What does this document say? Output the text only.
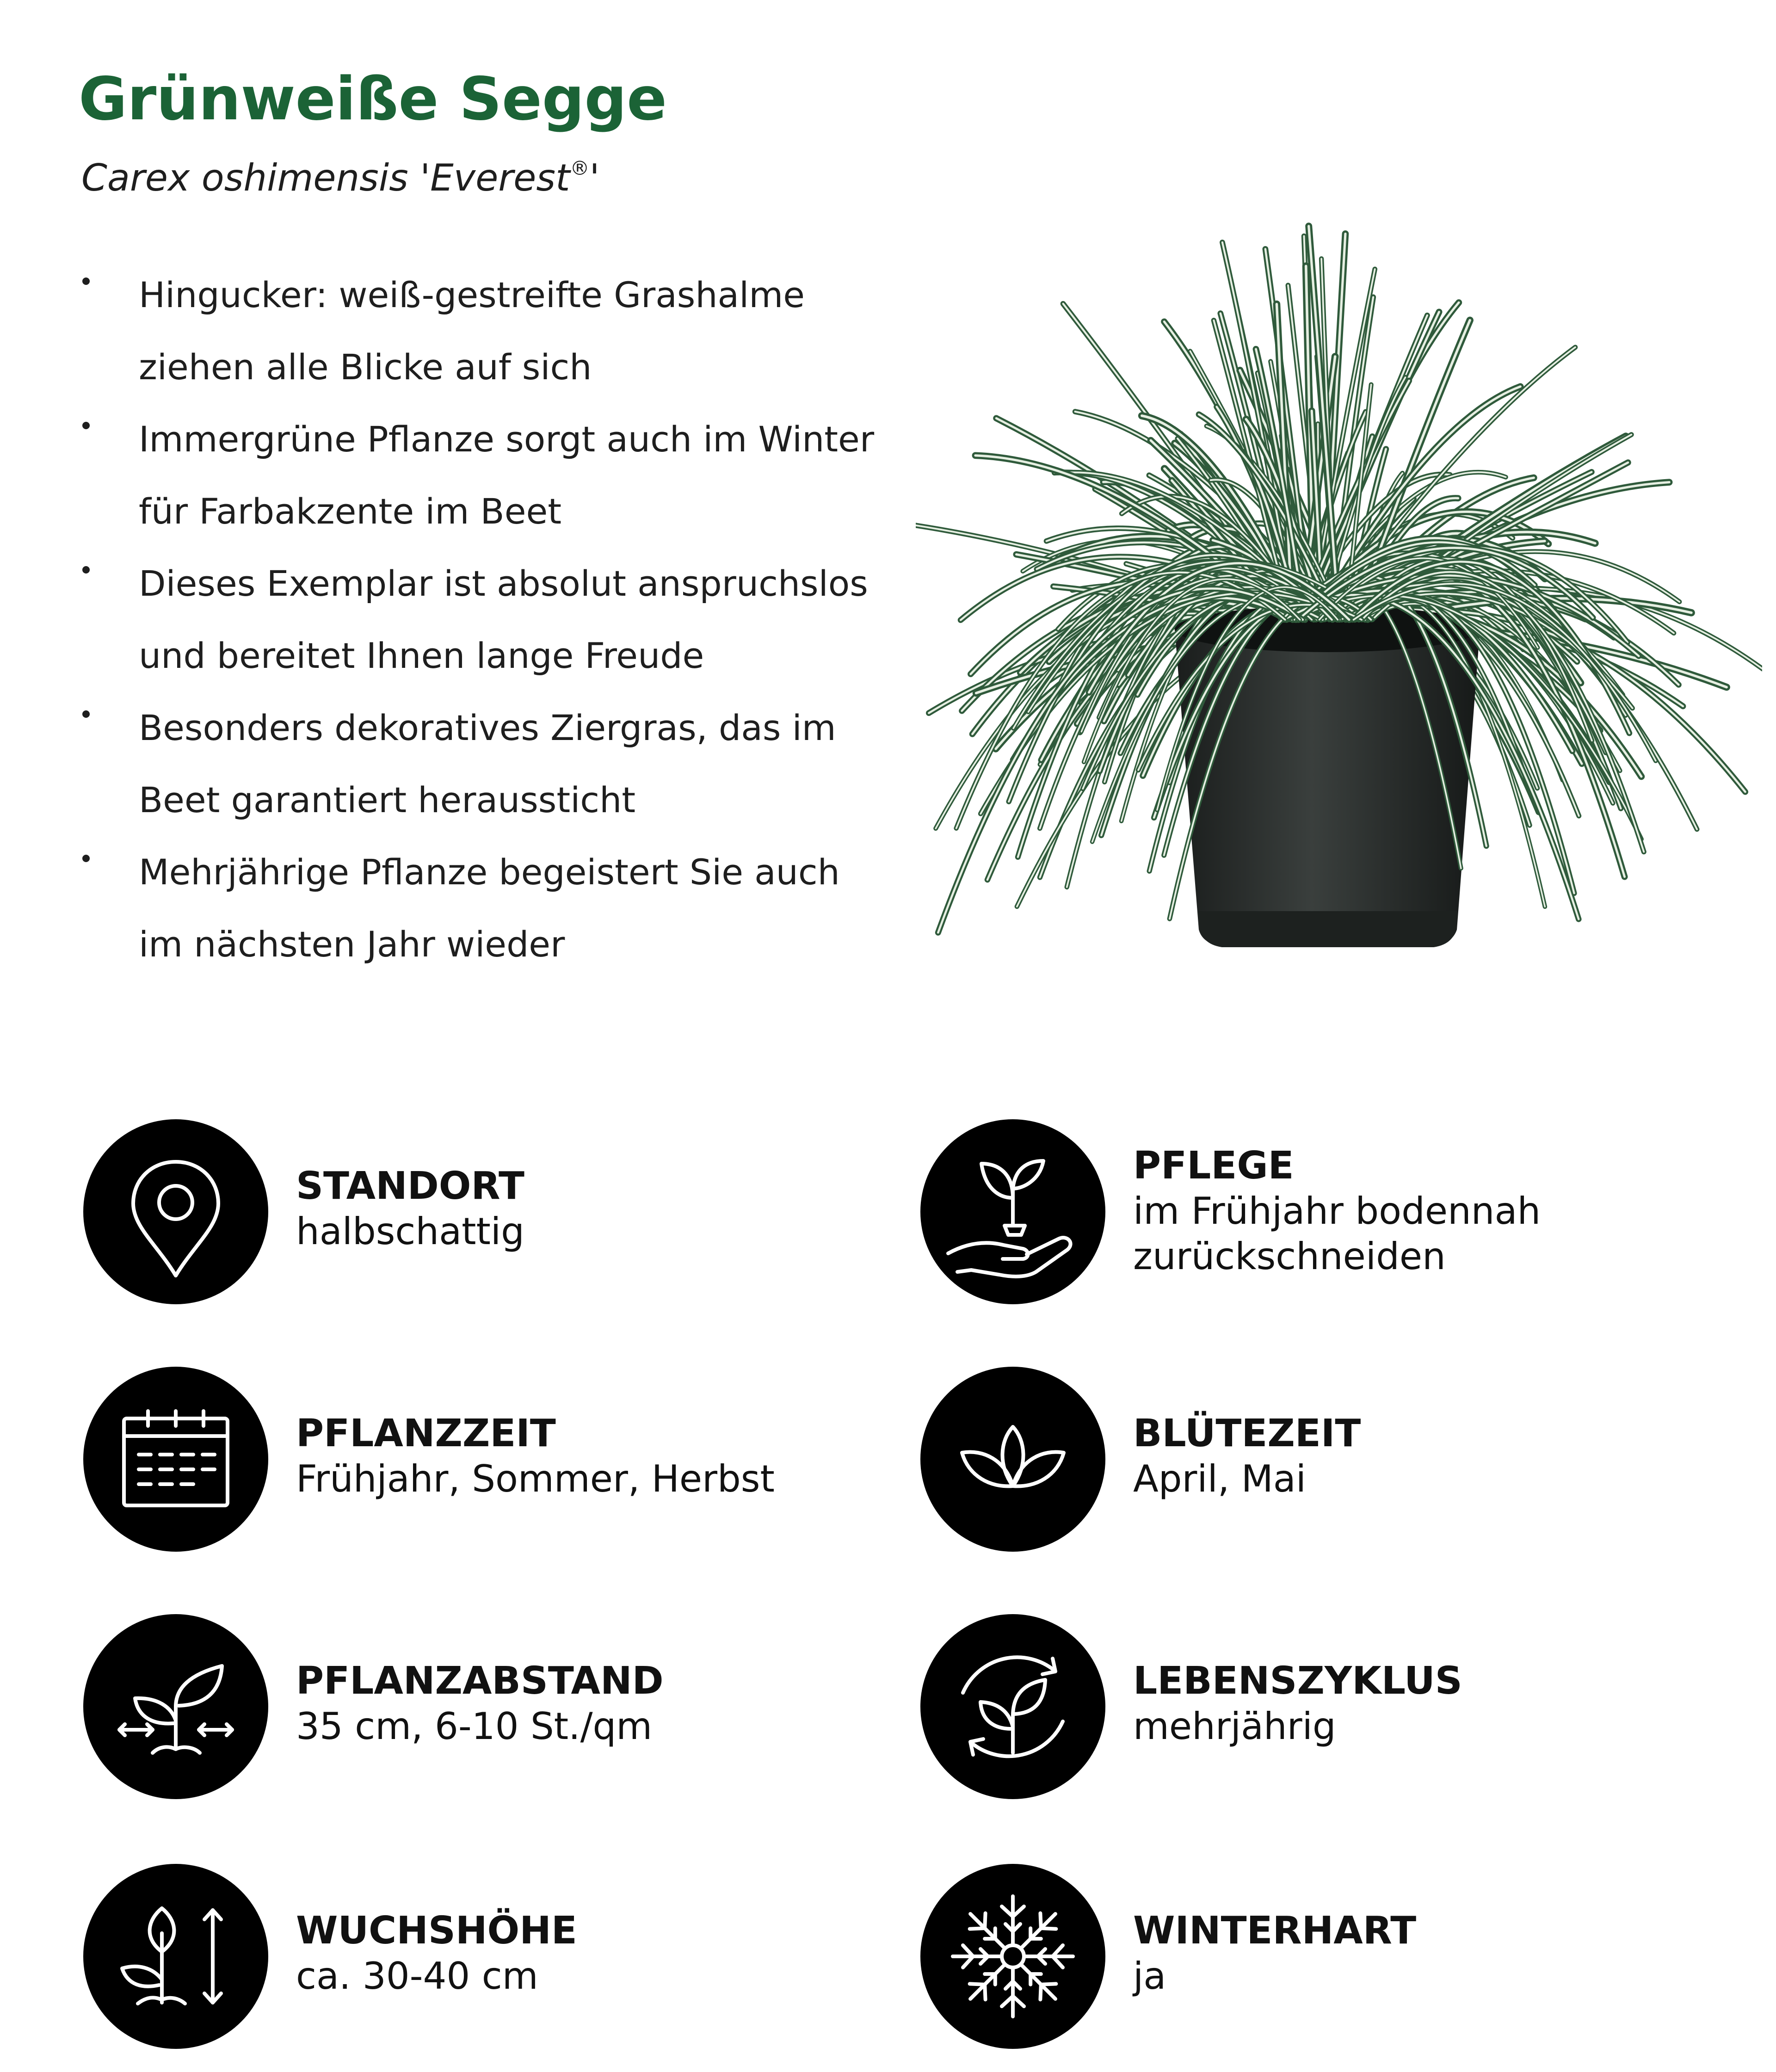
Grünweiße Segge
Carex oshimensis 'Everest®'
Hingucker: weiß-gestreifte Grashalme
ziehen alle Blicke auf sich
Immergrüne Pflanze sorgt auch im Winter
für Farbakzente im Beet
Dieses Exemplar ist absolut anspruchslos
und bereitet Ihnen lange Freude
Besonders dekoratives Ziergras, das im
Beet garantiert heraussticht
Mehrjährige Pflanze begeistert Sie auch
im nächsten Jahr wieder
STANDORT
halbschattig
PFLEGE
im Frühjahr bodennah
zurückschneiden
PFLANZZEIT
Frühjahr, Sommer, Herbst
BLÜTEZEIT
April, Mai
PFLANZABSTAND
35 cm, 6-10 St./qm
LEBENSZYKLUS
mehrjährig
WUCHSHÖHE
ca. 30-40 cm
WINTERHART
ja
